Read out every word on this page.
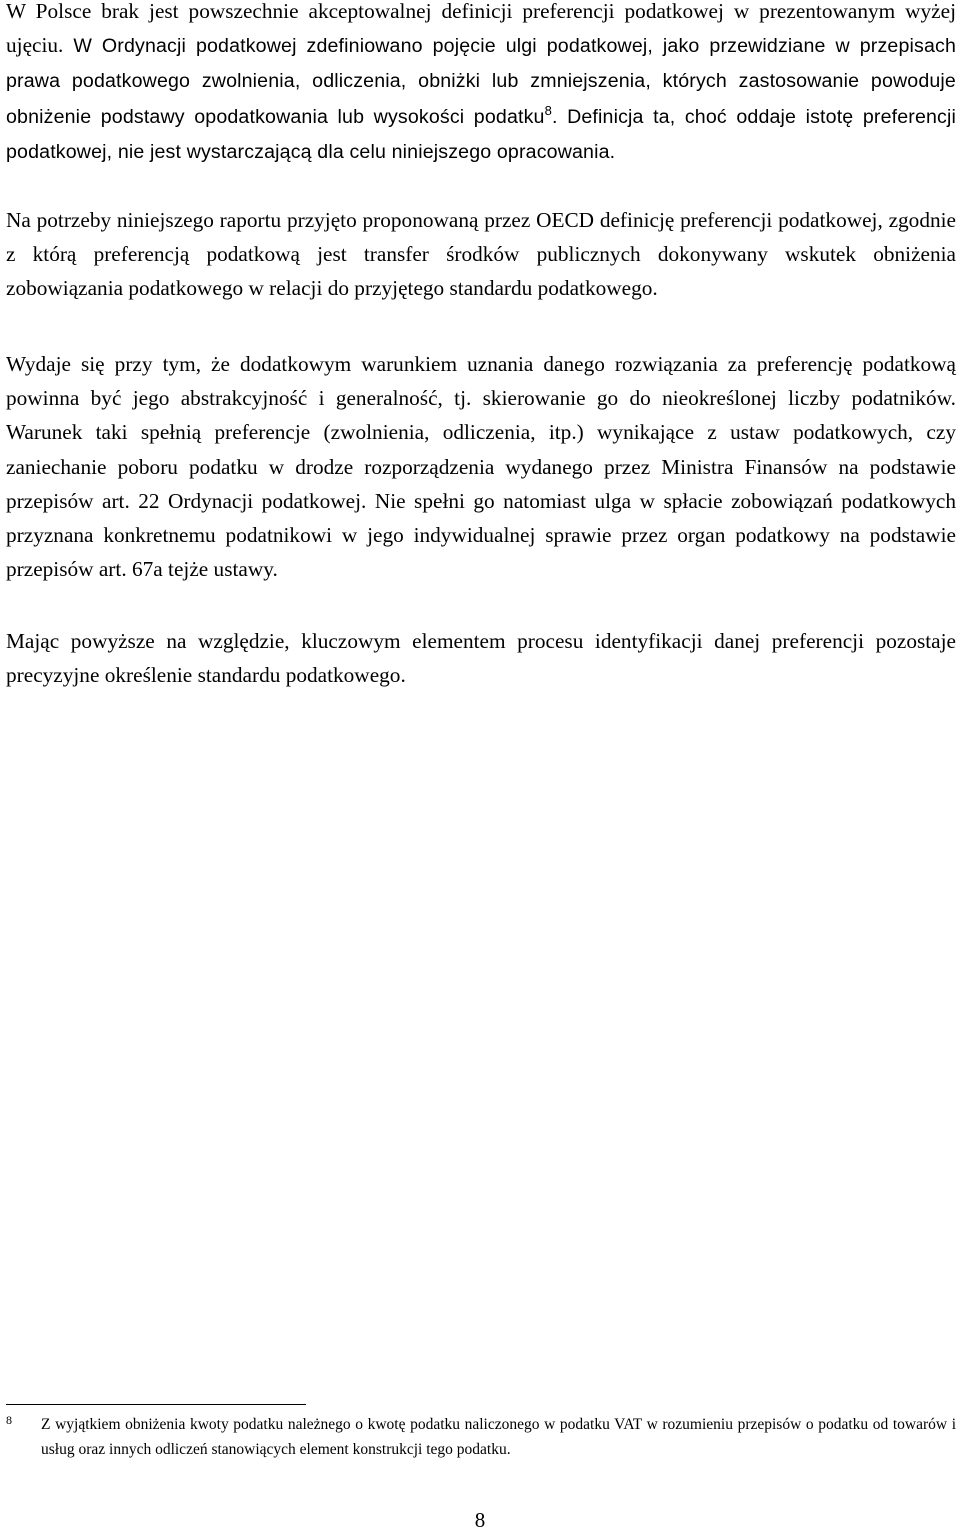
W Polsce brak jest powszechnie akceptowalnej definicji preferencji podatkowej w prezentowanym wyżej ujęciu. W Ordynacji podatkowej zdefiniowano pojęcie ulgi podatkowej, jako przewidziane w przepisach prawa podatkowego zwolnienia, odliczenia, obniżki lub zmniejszenia, których zastosowanie powoduje obniżenie podstawy opodatkowania lub wysokości podatku$^8$. Definicja ta, choć oddaje istotę preferencji podatkowej, nie jest wystarczającą dla celu niniejszego opracowania.

Na potrzeby niniejszego raportu przyjęto proponowaną przez OECD definicję preferencji podatkowej, zgodnie z którą preferencją podatkową jest transfer środków publicznych dokonywany wskutek obniżenia zobowiązania podatkowego w relacji do przyjętego standardu podatkowego.

Wydaje się przy tym, że dodatkowym warunkiem uznania danego rozwiązania za preferencję podatkową powinna być jego abstrakcyjność i generalność, tj. skierowanie go do nieokreślonej liczby podatników. Warunek taki spełnią preferencje (zwolnienia, odliczenia, itp.) wynikające z ustaw podatkowych, czy zaniechanie poboru podatku w drodze rozporządzenia wydanego przez Ministra Finansów na podstawie przepisów art. 22 Ordynacji podatkowej. Nie spełni go natomiast ulga w spłacie zobowiązań podatkowych przyznana konkretnemu podatnikowi w jego indywidualnej sprawie przez organ podatkowy na podstawie przepisów art. 67a tejże ustawy.

Mając powyższe na względzie, kluczowym elementem procesu identyfikacji danej preferencji pozostaje precyzyjne określenie standardu podatkowego.

8	Z wyjątkiem obniżenia kwoty podatku należnego o kwotę podatku naliczonego w podatku VAT w rozumieniu przepisów o podatku od towarów i usług oraz innych odliczeń stanowiących element konstrukcji tego podatku.

8
